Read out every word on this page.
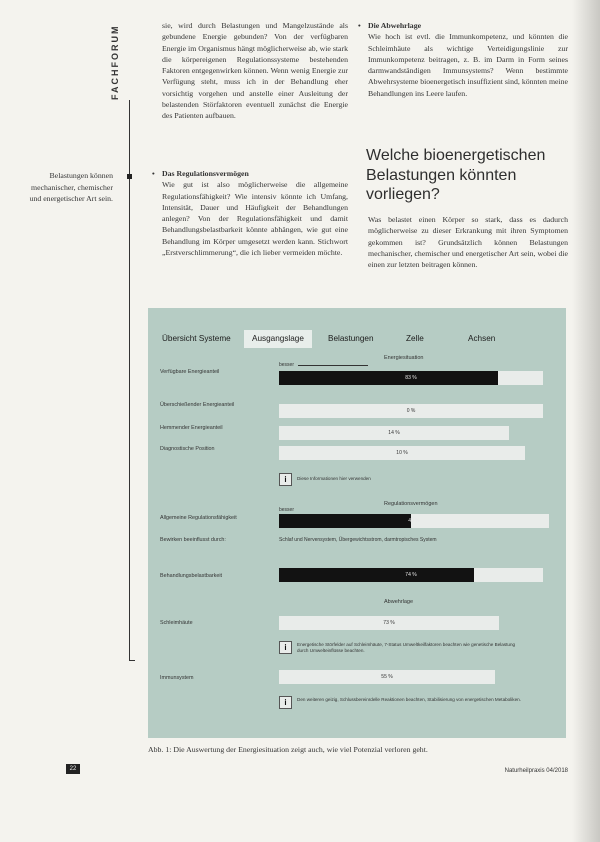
FACHFORUM
Belastungen können mechanischer, chemischer und energetischer Art sein.
sie, wird durch Belastungen und Mangelzustände als gebundene Energie gebunden? Von der verfügbaren Energie im Organismus hängt möglicherweise ab, wie stark die körpereigenen Regulationssysteme bestehenden Faktoren entgegenwirken können. Wenn wenig Energie zur Verfügung steht, muss ich in der Behandlung eher vorsichtig vorgehen und anstelle einer Ausleitung der belastenden Störfaktoren eventuell zunächst die Energie des Patienten aufbauen.
• Das Regulationsvermögen
Wie gut ist also möglicherweise die allgemeine Regulationsfähigkeit? Wie intensiv könnte ich Umfang, Intensität, Dauer und Häufigkeit der Behandlungen anlegen? Von der Regulationsfähigkeit und damit Behandlungsbelastbarkeit könnte abhängen, wie gut eine Behandlung im Körper umgesetzt werden kann. Stichwort „Erstverschlimmerung“, die ich lieber vermeiden möchte.
• Die Abwehrlage
Wie hoch ist evtl. die Immunkompetenz, und könnten die Schleimhäute als wichtige Verteidigungslinie zur Immunkompetenz beitragen, z. B. im Darm in Form seines darmwandständigen Immunsystems? Wenn bestimmte Abwehrsysteme bioenergetisch insuffizient sind, könnten meine Behandlungen ins Leere laufen.
Welche bioenergetischen Belastungen könnten vorliegen?
Was belastet einen Körper so stark, dass es dadurch möglicherweise zu dieser Erkrankung mit ihren Symptomen gekommen ist? Grundsätzlich können Belastungen mechanischer, chemischer und energetischer Art sein, wobei die einen zur letzten beitragen können.
Übersicht Systeme	Ausgangslage	Belastungen	Zelle	Achsen
Energiesituation
besser
Verfügbare Energieanteil
83 %
Überschießender Energieanteil
0 %
Hemmender Energieanteil
14 %
Diagnostische Position
10 %
i	Diese Informationen hier verwenden
Regulationsvermögen
besser
Allgemeine Regulationsfähigkeit	49 %
Bewirken beeinflusst durch:	Schlaf und Nervensystem, Übergewichtsstrom, darmtropisches System
Behandlungsbelastbarkeit	74 %
Abwehrlage
Schleimhäute	73 %
i	Energetische Störfelder auf Schleimhäute, 7-Status Umweltkeilfaktoren beachten wie genetische Belastung durch Umwelteinflüsse beachten.
Immunsystem	55 %
i	Den weiteren geizig, Schlussbereinrdelle Reaktionen beachten, Stabilisierung von energetischen Metaboliken.
Abb. 1: Die Auswertung der Energiesituation zeigt auch, wie viel Potenzial verloren geht.
22	Naturheilpraxis 04/2018
